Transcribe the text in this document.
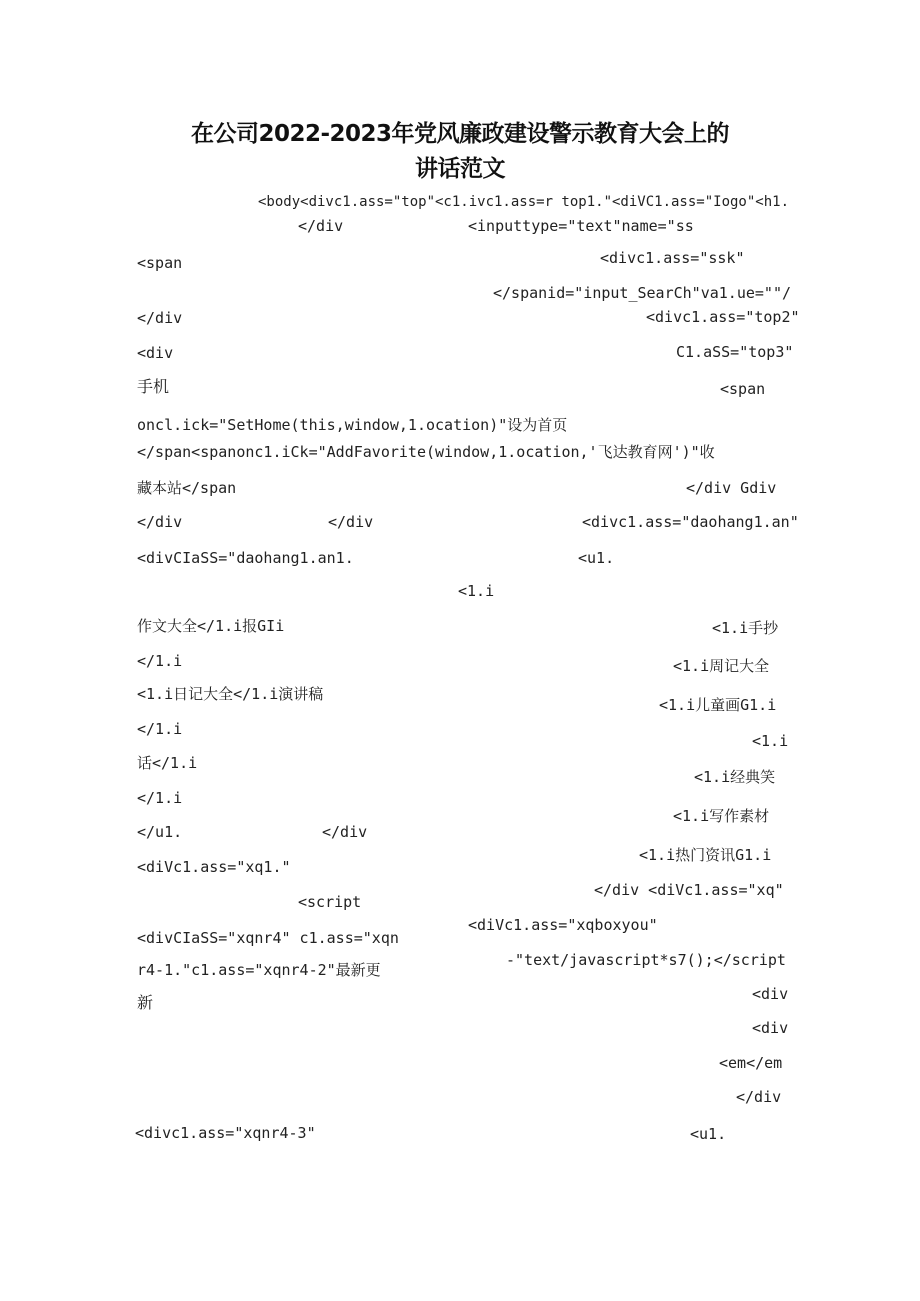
在公司2022-2023年党风廉政建设警示教育大会上的
讲话范文
<body<divc1.ass="top"<c1.ivc1.ass=r top1."<diVC1.ass="Iogo"<h1.
</div	<inputtype="text"name="ss
<span	<divc1.ass="ssk"
</spanid="input_SearCh"va1.ue=""/
</div	<divc1.ass="top2"
<div	C1.aSS="top3"
手机	<span
oncl.ick="SetHome(this,window,1.ocation)"设为首页
</span<spanonc1.iCk="AddFavorite(window,1.ocation,'飞达教育网')"收
藏本站</span	</div Gdiv
</div	</div	<divc1.ass="daohang1.an"
<divCIaSS="daohang1.an1.	<u1.
<1.i
作文大全</1.i报GIi	<1.i手抄
</1.i	<1.i周记大全
<1.i日记大全</1.i演讲稿
<1.i儿童画G1.i
</1.i
<1.i
话</1.i
<1.i经典笑
</1.i
<1.i写作素材
</u1.	</div
<diVc1.ass="xq1."
<1.i热门资讯G1.i
</div <diVc1.ass="xq"
<script
<diVc1.ass="xqboxyou"
<divCIaSS="xqnr4" c1.ass="xqn
-"text/javascript*s7();</script
r4-1."c1.ass="xqnr4-2"最新更
<div
新
<div
<em</em
</div
<divc1.ass="xqnr4-3"	<u1.
